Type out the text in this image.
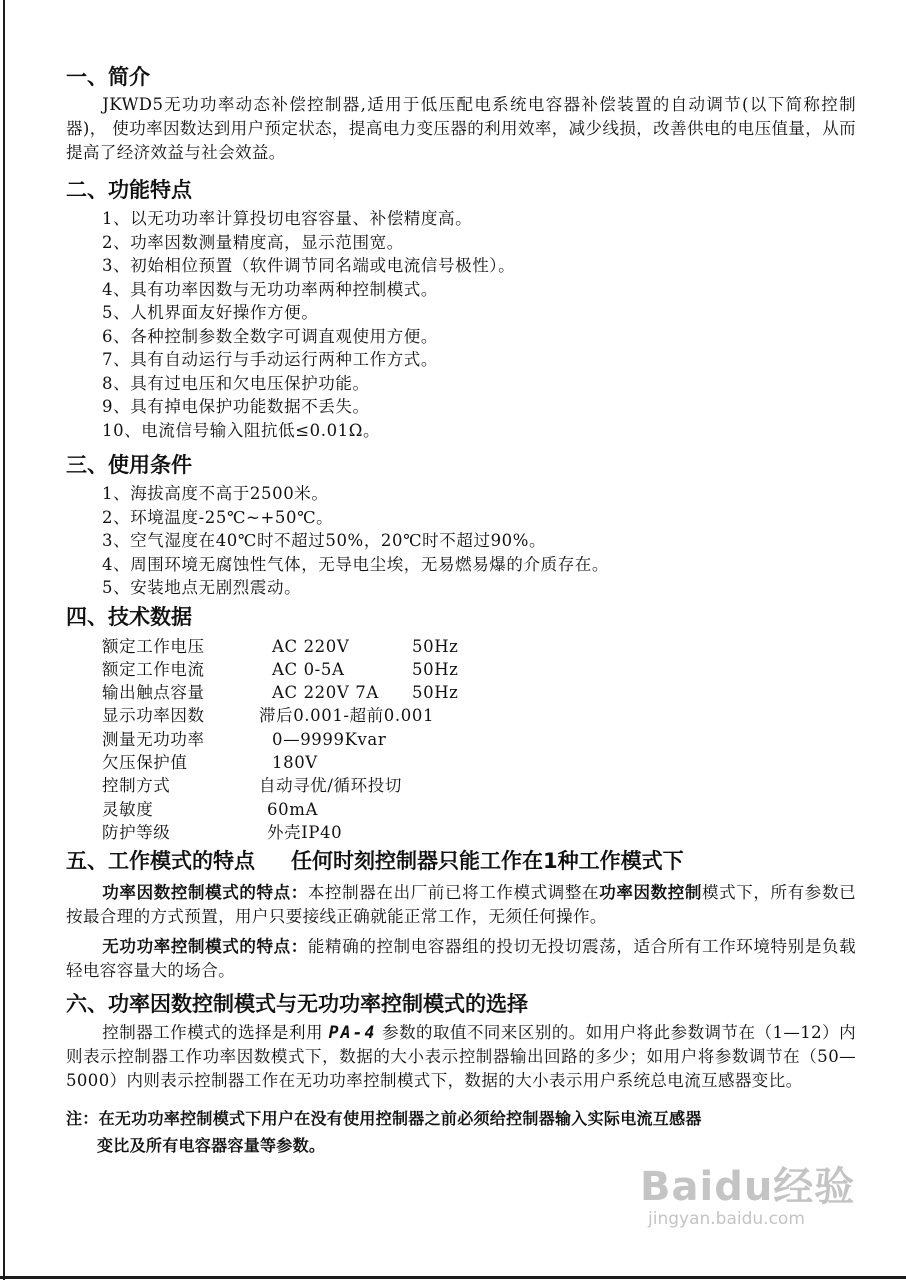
一、简介

JKWD5无功功率动态补偿控制器,适用于低压配电系统电容器补偿装置的自动调节(以下简称控制器)， 使功率因数达到用户预定状态，提高电力变压器的利用效率，减少线损，改善供电的电压值量，从而提高了经济效益与社会效益。

二、功能特点
1、以无功功率计算投切电容容量、补偿精度高。
2、功率因数测量精度高，显示范围宽。
3、初始相位预置（软件调节同名端或电流信号极性）。
4、具有功率因数与无功功率两种控制模式。
5、人机界面友好操作方便。
6、各种控制参数全数字可调直观使用方便。
7、具有自动运行与手动运行两种工作方式。
8、具有过电压和欠电压保护功能。
9、具有掉电保护功能数据不丢失。
10、电流信号输入阻抗低≤0.01Ω。
三、使用条件
1、海拔高度不高于2500米。
2、环境温度-25℃~+50℃。
3、空气湿度在40℃时不超过50%，20℃时不超过90%。
4、周围环境无腐蚀性气体，无导电尘埃，无易燃易爆的介质存在。
5、安装地点无剧烈震动。
四、技术数据
额定工作电压	AC 220V	50Hz
额定工作电流	AC 0-5A	50Hz
输出触点容量	AC 220V 7A	50Hz
显示功率因数	滞后0.001-超前0.001
测量无功功率	0—9999Kvar
欠压保护值	180V
控制方式	自动寻优/循环投切
灵敏度	60mA
防护等级	外壳IP40
五、工作模式的特点 任何时刻控制器只能工作在1种工作模式下

功率因数控制模式的特点：本控制器在出厂前已将工作模式调整在功率因数控制模式下，所有参数已按最合理的方式预置，用户只要接线正确就能正常工作，无须任何操作。

无功功率控制模式的特点：能精确的控制电容器组的投切无投切震荡，适合所有工作环境特别是负载轻电容容量大的场合。

六、功率因数控制模式与无功功率控制模式的选择

控制器工作模式的选择是利用 PA-4 参数的取值不同来区别的。如用户将此参数调节在（1—12）内则表示控制器工作功率因数模式下，数据的大小表示控制器输出回路的多少；如用户将参数调节在（50—5000）内则表示控制器工作在无功功率控制模式下，数据的大小表示用户系统总电流互感器变比。

注：在无功功率控制模式下用户在没有使用控制器之前必须给控制器输入实际电流互感器

变比及所有电容器容量等参数。

Baidu经验
jingyan.baidu.com
